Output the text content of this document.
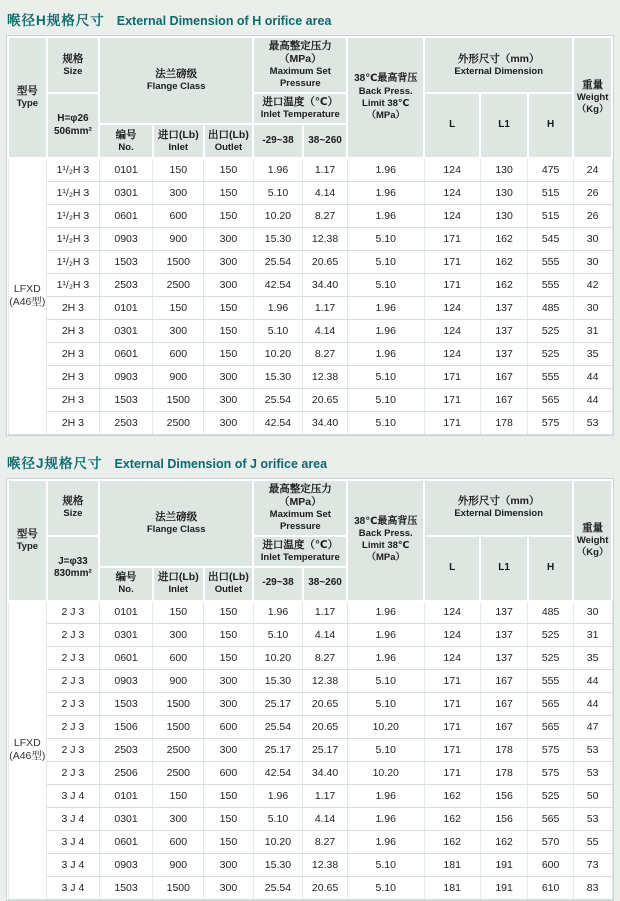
喉径H规格尺寸 External Dimension of H orifice area
型号
Type	规格
Size	法兰磅级
Flange Class			最高整定压力（MPa）
Maximum Set Pressure		38℃最高背压
Back Press.
Limit 38℃
（MPa）	外形尺寸（mm）
External Dimension			重量
Weight
（Kg）

	H=φ26
506mm²				进口温度（℃）
Inlet Temperature			L	L1	H	

		编号
No.	进口(Lb)
Inlet	出口(Lb)
Outlet	-29~38	38~260					

LFXD
(A46型)	1¹/₂H 3	0101	150	150	1.96	1.17	1.96	124	130	475	24
	1¹/₂H 3	0301	300	150	5.10	4.14	1.96	124	130	515	26
	1¹/₂H 3	0601	600	150	10.20	8.27	1.96	124	130	515	26
	1¹/₂H 3	0903	900	300	15.30	12.38	5.10	171	162	545	30
	1¹/₂H 3	1503	1500	300	25.54	20.65	5.10	171	162	555	30
	1¹/₂H 3	2503	2500	300	42.54	34.40	5.10	171	162	555	42
	2H 3	0101	150	150	1.96	1.17	1.96	124	137	485	30
	2H 3	0301	300	150	5.10	4.14	1.96	124	137	525	31
	2H 3	0601	600	150	10.20	8.27	1.96	124	137	525	35
	2H 3	0903	900	300	15.30	12.38	5.10	171	167	555	44
	2H 3	1503	1500	300	25.54	20.65	5.10	171	167	565	44
	2H 3	2503	2500	300	42.54	34.40	5.10	171	178	575	53
喉径J规格尺寸 External Dimension of J orifice area
型号
Type	规格
Size	法兰磅级
Flange Class			最高整定压力（MPa）
Maximum Set Pressure		38℃最高背压
Back Press.
Limit 38℃
（MPa）	外形尺寸（mm）
External Dimension			重量
Weight
（Kg）

	J=φ33
830mm²				进口温度（℃）
Inlet Temperature			L	L1	H	

		编号
No.	进口(Lb)
Inlet	出口(Lb)
Outlet	-29~38	38~260					

LFXD
(A46型)	2 J 3	0101	150	150	1.96	1.17	1.96	124	137	485	30
	2 J 3	0301	300	150	5.10	4.14	1.96	124	137	525	31
	2 J 3	0601	600	150	10.20	8.27	1.96	124	137	525	35
	2 J 3	0903	900	300	15.30	12.38	5.10	171	167	555	44
	2 J 3	1503	1500	300	25.17	20.65	5.10	171	167	565	44
	2 J 3	1506	1500	600	25.54	20.65	10.20	171	167	565	47
	2 J 3	2503	2500	300	25.17	25.17	5.10	171	178	575	53
	2 J 3	2506	2500	600	42.54	34.40	10.20	171	178	575	53
	3 J 4	0101	150	150	1.96	1.17	1.96	162	156	525	50
	3 J 4	0301	300	150	5.10	4.14	1.96	162	156	565	53
	3 J 4	0601	600	150	10.20	8.27	1.96	162	162	570	55
	3 J 4	0903	900	300	15.30	12.38	5.10	181	191	600	73
	3 J 4	1503	1500	300	25.54	20.65	5.10	181	191	610	83
